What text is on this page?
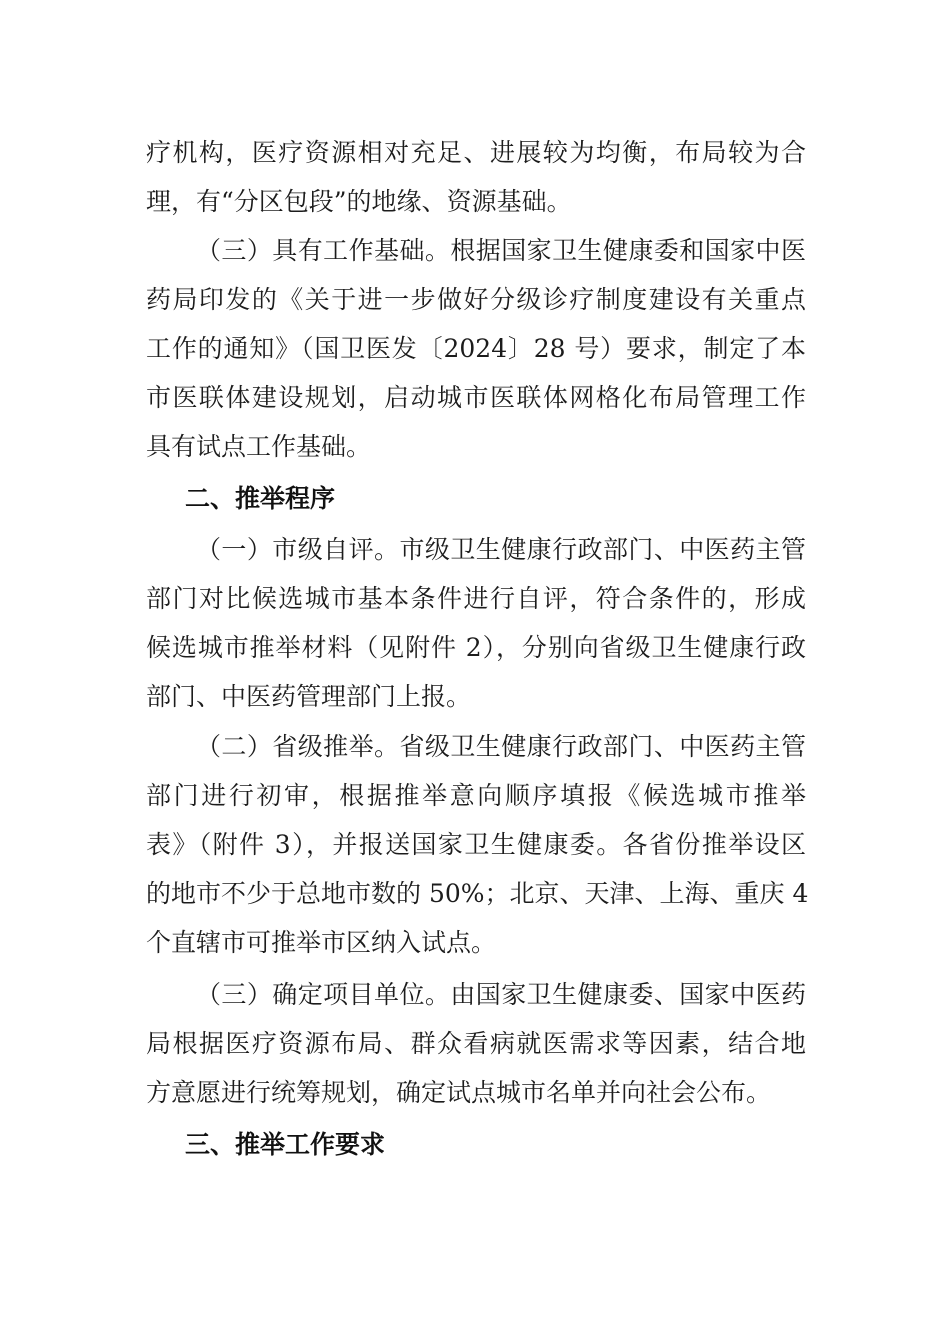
疗机构，医疗资源相对充足、进展较为均衡，布局较为合
理，有“分区包段”的地缘、资源基础。
（三）具有工作基础。根据国家卫生健康委和国家中医
药局印发的《关于进一步做好分级诊疗制度建设有关重点
工作的通知》（国卫医发〔2024〕28 号）要求，制定了本
市医联体建设规划，启动城市医联体网格化布局管理工作
具有试点工作基础。
二、推举程序
（一）市级自评。市级卫生健康行政部门、中医药主管
部门对比候选城市基本条件进行自评，符合条件的，形成
候选城市推举材料（见附件 2），分别向省级卫生健康行政
部门、中医药管理部门上报。
（二）省级推举。省级卫生健康行政部门、中医药主管
部门进行初审，根据推举意向顺序填报《候选城市推举
表》（附件 3），并报送国家卫生健康委。各省份推举设区
的地市不少于总地市数的 50%；北京、天津、上海、重庆 4
个直辖市可推举市区纳入试点。
（三）确定项目单位。由国家卫生健康委、国家中医药
局根据医疗资源布局、群众看病就医需求等因素，结合地
方意愿进行统筹规划，确定试点城市名单并向社会公布。
三、推举工作要求
